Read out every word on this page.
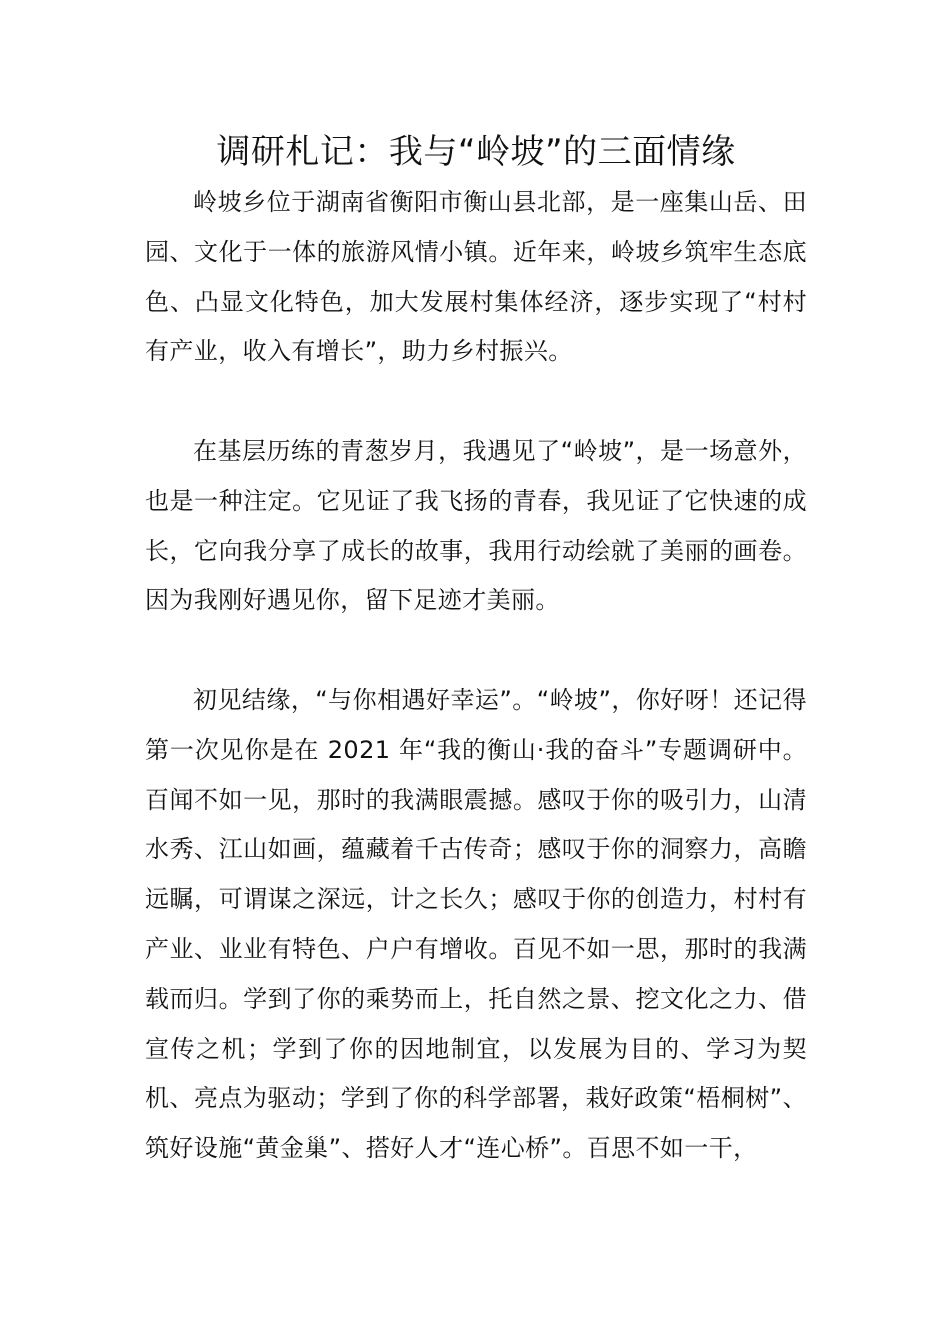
调研札记：我与“岭坡”的三面情缘

岭坡乡位于湖南省衡阳市衡山县北部，是一座集山岳、田园、文化于一体的旅游风情小镇。近年来，岭坡乡筑牢生态底色、凸显文化特色，加大发展村集体经济，逐步实现了“村村有产业，收入有增长”，助力乡村振兴。

在基层历练的青葱岁月，我遇见了“岭坡”，是一场意外，也是一种注定。它见证了我飞扬的青春，我见证了它快速的成长，它向我分享了成长的故事，我用行动绘就了美丽的画卷。因为我刚好遇见你，留下足迹才美丽。

初见结缘，“与你相遇好幸运”。“岭坡”，你好呀！还记得第一次见你是在 2021 年“我的衡山·我的奋斗”专题调研中。百闻不如一见，那时的我满眼震撼。感叹于你的吸引力，山清水秀、江山如画，蕴藏着千古传奇；感叹于你的洞察力，高瞻远瞩，可谓谋之深远，计之长久；感叹于你的创造力，村村有产业、业业有特色、户户有增收。百见不如一思，那时的我满载而归。学到了你的乘势而上，托自然之景、挖文化之力、借宣传之机；学到了你的因地制宜，以发展为目的、学习为契机、亮点为驱动；学到了你的科学部署，栽好政策“梧桐树”、筑好设施“黄金巢”、搭好人才“连心桥”。百思不如一干，
